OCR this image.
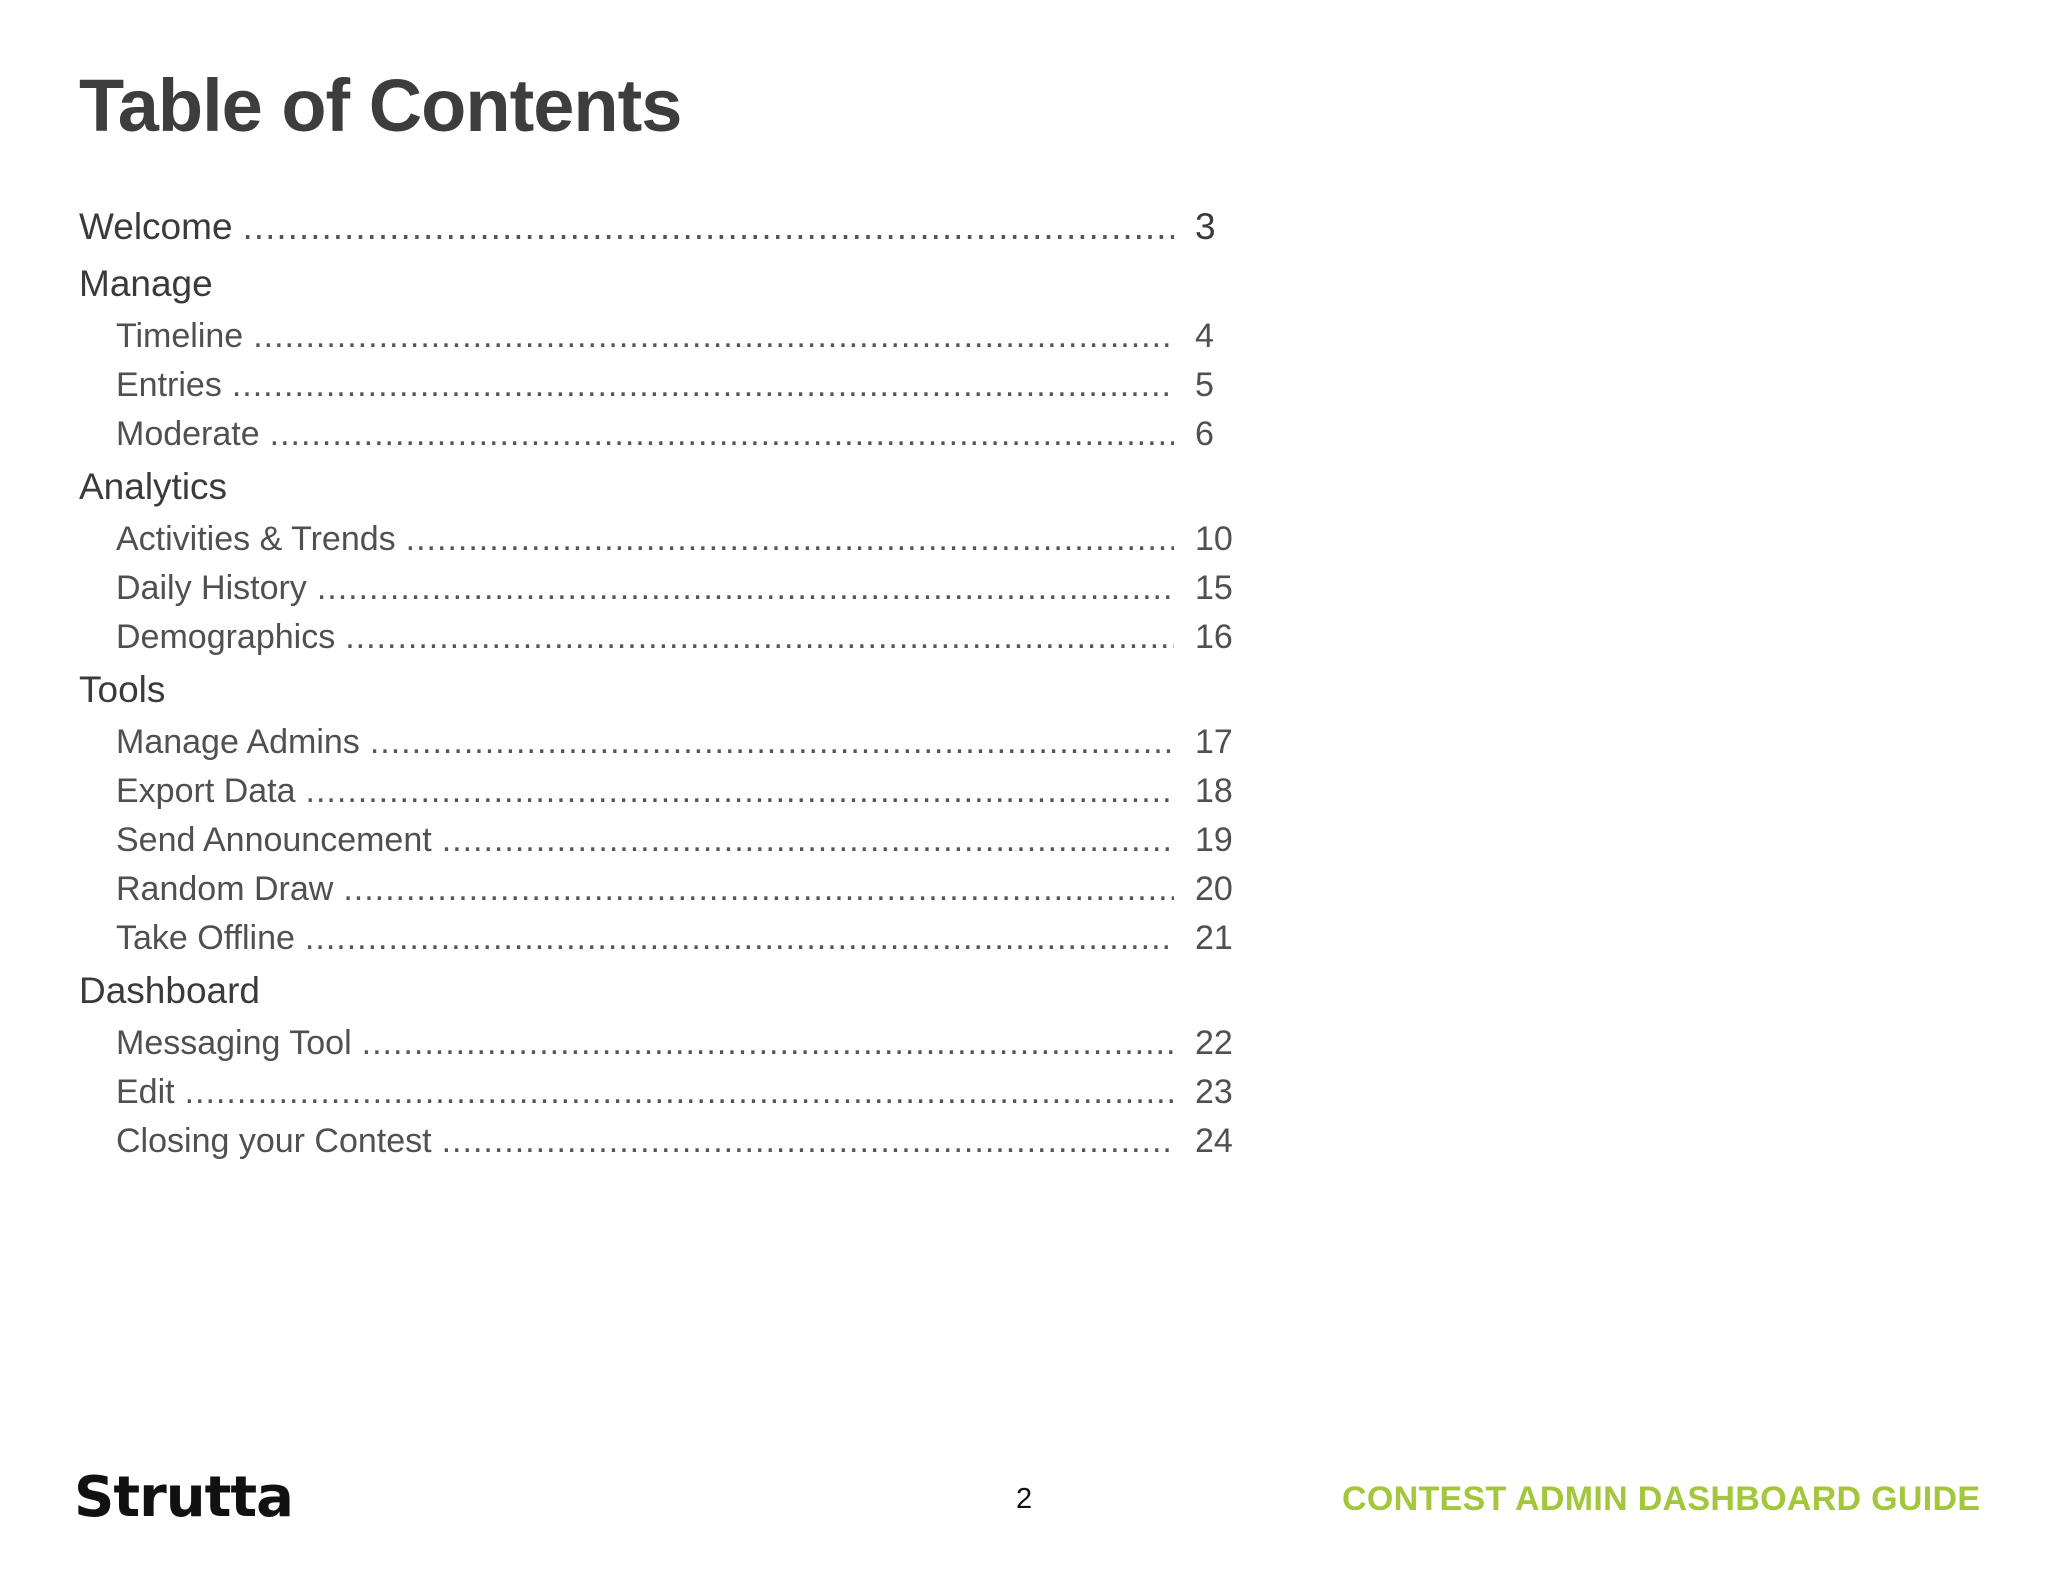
Table of Contents
Welcome .....	3
Manage
Timeline .....	4
Entries .....	5
Moderate .....	6
Analytics
Activities & Trends .....	10
Daily History .....	15
Demographics .....	16
Tools
Manage Admins .....	17
Export Data .....	18
Send Announcement .....	19
Random Draw .....	20
Take Offline .....	21
Dashboard
Messaging Tool .....	22
Edit .....	23
Closing your Contest .....	24
Strutta	2	CONTEST ADMIN DASHBOARD GUIDE
